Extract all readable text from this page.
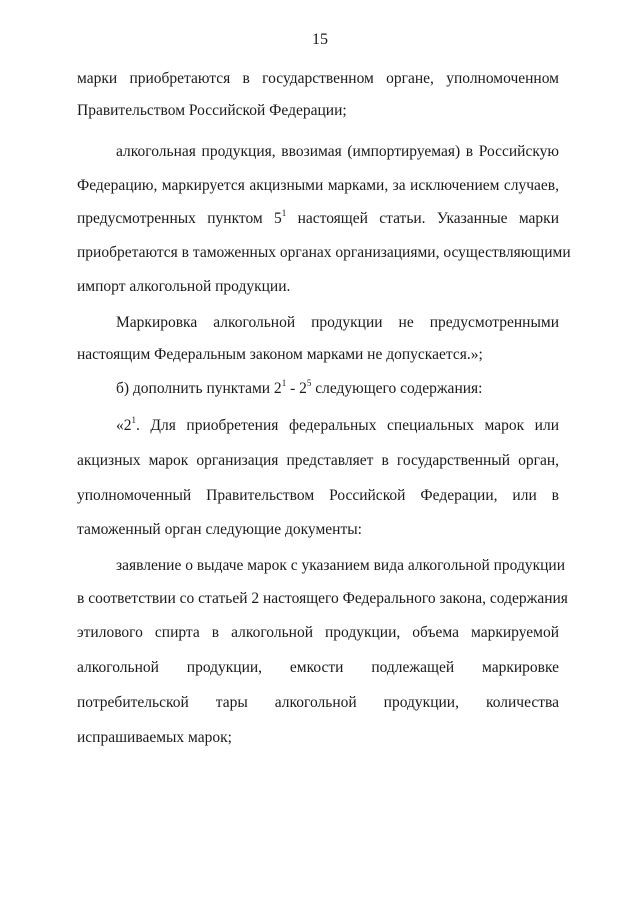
15
марки приобретаются в государственном органе, уполномоченном
Правительством Российской Федерации;
алкогольная продукция, ввозимая (импортируемая) в Российскую
Федерацию, маркируется акцизными марками, за исключением случаев,
предусмотренных пунктом $5^1$ настоящей статьи. Указанные марки
приобретаются в таможенных органах организациями, осуществляющими
импорт алкогольной продукции.
Маркировка алкогольной продукции не предусмотренными
настоящим Федеральным законом марками не допускается.»;
б) дополнить пунктами $2^1 - 2^5$ следующего содержания:
«$2^1$. Для приобретения федеральных специальных марок или
акцизных марок организация представляет в государственный орган,
уполномоченный Правительством Российской Федерации, или в
таможенный орган следующие документы:
заявление о выдаче марок с указанием вида алкогольной продукции
в соответствии со статьей 2 настоящего Федерального закона, содержания
этилового спирта в алкогольной продукции, объема маркируемой
алкогольной продукции, емкости подлежащей маркировке
потребительской тары алкогольной продукции, количества
испрашиваемых марок;
